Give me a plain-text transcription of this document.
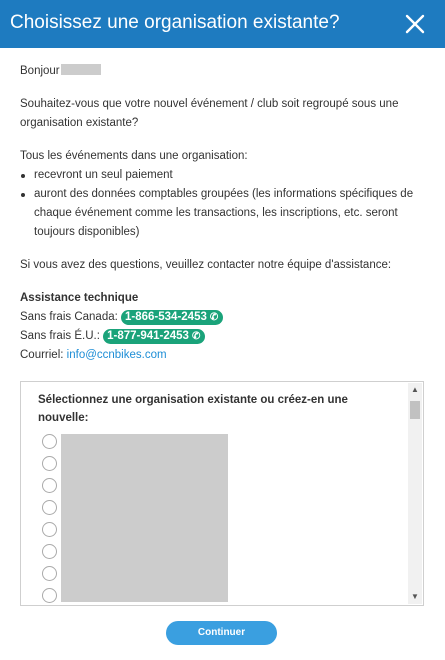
Choisissez une organisation existante?

Bonjour

Souhaitez-vous que votre nouvel événement / club soit regroupé sous une organisation existante?

Tous les événements dans une organisation:

recevront un seul paiement
auront des données comptables groupées (les informations spécifiques de chaque événement comme les transactions, les inscriptions, etc. seront toujours disponibles)

Si vous avez des questions, veuillez contacter notre équipe d'assistance:

Assistance technique
Sans frais Canada: 1-866-534-2453 ✆
Sans frais É.U.: 1-877-941-2453 ✆
Courriel: info@ccnbikes.com
Sélectionnez une organisation existante ou créez-en une nouvelle:
▲
▼
Continuer
